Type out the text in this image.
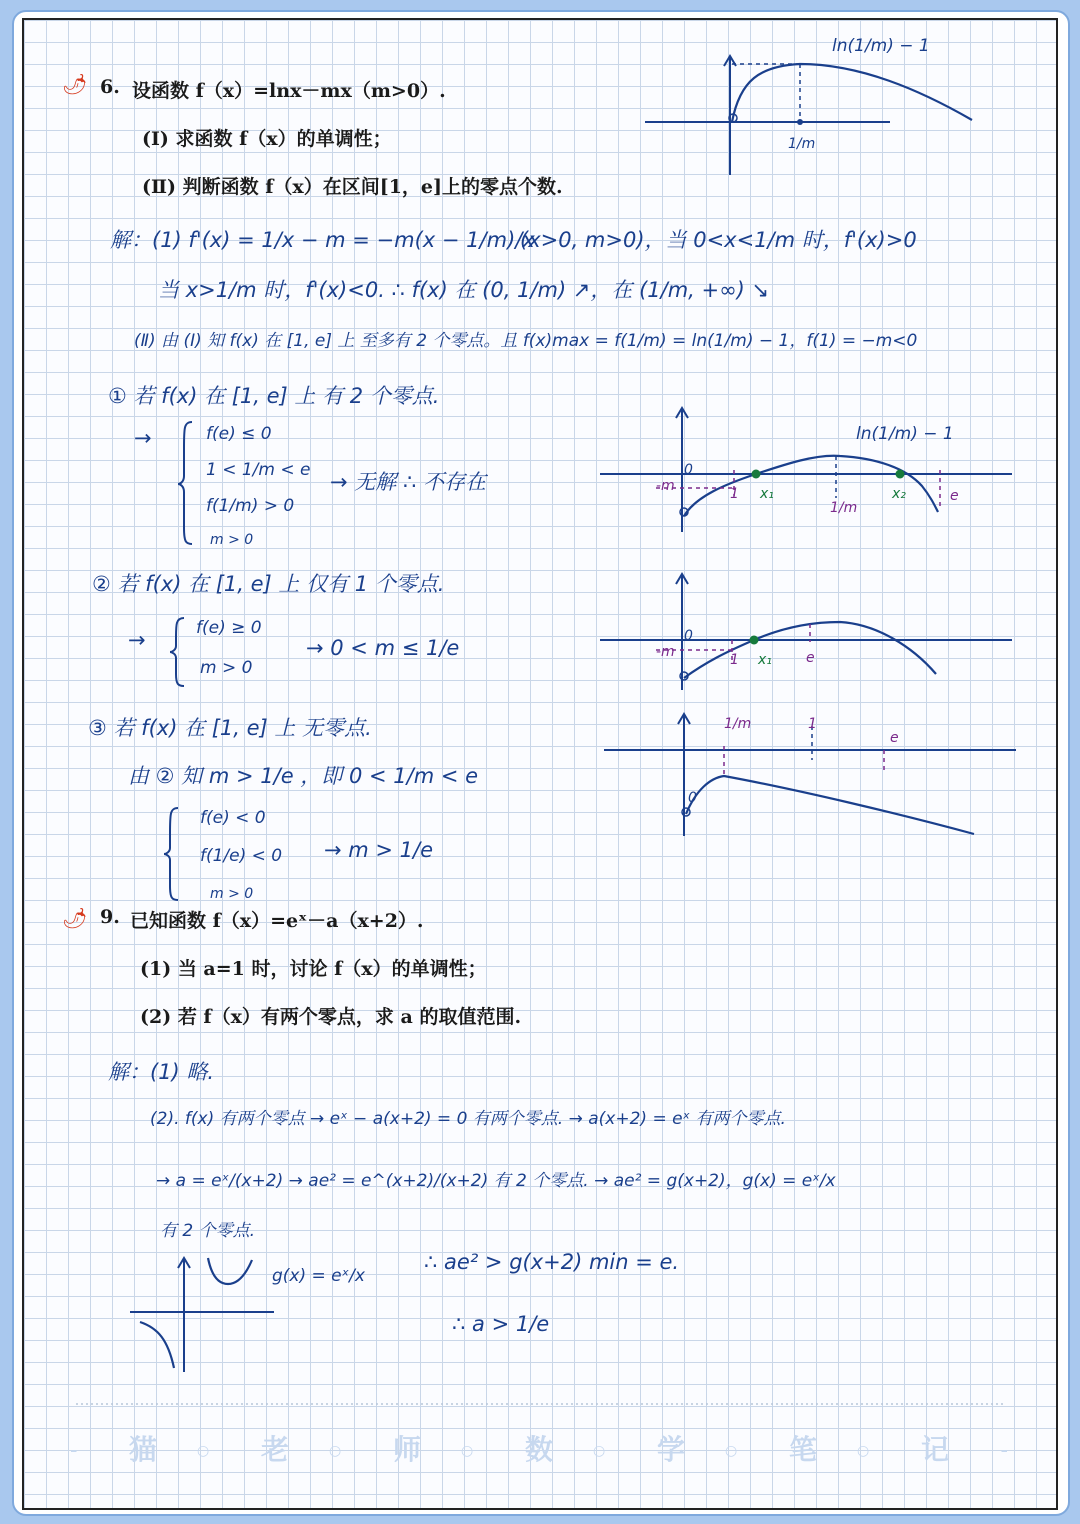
🌶 6. 设函数 f（x）=lnx－mx（m>0）.
(Ⅰ) 求函数 f（x）的单调性；
(Ⅱ) 判断函数 f（x）在区间[1，e]上的零点个数.
ln(1/m) − 1
1/m
解：(1) f'(x) = 1/x − m = −m(x − 1/m)/x
(x>0, m>0)，当 0<x<1/m 时，f'(x)>0
当 x>1/m 时，f'(x)<0. ∴ f(x) 在 (0, 1/m) ↗，在 (1/m, +∞) ↘
(Ⅱ) 由 (Ⅰ) 知 f(x) 在 [1, e] 上 至多有 2 个零点。且 f(x)max = f(1/m) = ln(1/m) − 1，f(1) = −m<0
① 若 f(x) 在 [1, e] 上 有 2 个零点.
→	f(e) ≤ 0
1 < 1/m < e
f(1/m) > 0
m > 0
→ 无解 ∴ 不存在
ln(1/m) − 1
-m	1 x₁
1/m
x₂	e
0
② 若 f(x) 在 [1, e] 上 仅有 1 个零点.
→	f(e) ≥ 0
m > 0
→ 0 < m ≤ 1/e	-m	1 x₁ e
0
③ 若 f(x) 在 [1, e] 上 无零点.
由 ② 知 m > 1/e ，即 0 < 1/m < e
f(e) < 0
f(1/e) < 0
m > 0
→ m > 1/e
1/m	1
e
0
🌶 9. 已知函数 f（x）=eˣ－a（x+2）.
(1) 当 a=1 时，讨论 f（x）的单调性；
(2) 若 f（x）有两个零点，求 a 的取值范围.
解：(1) 略.
(2). f(x) 有两个零点 → eˣ − a(x+2) = 0 有两个零点. → a(x+2) = eˣ 有两个零点.
→ a = eˣ/(x+2) → ae² = e^(x+2)/(x+2) 有 2 个零点. → ae² = g(x+2)，g(x) = eˣ/x
有 2 个零点.
g(x) = eˣ/x
∴ ae² > g(x+2) min = e.
∴ a > 1/e
– 猫	○ 老	○ 师	○ 数	○ 学	○ 笔	○ 记	–
